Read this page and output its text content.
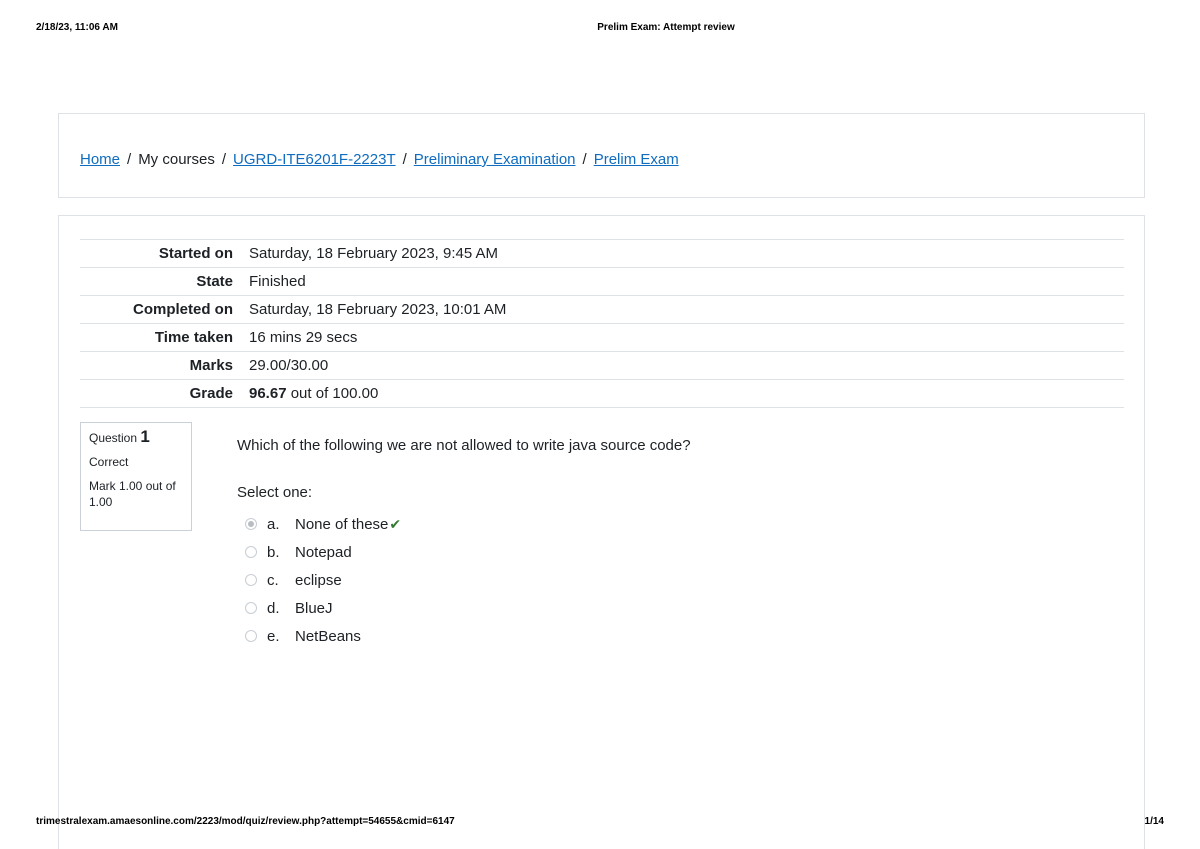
2/18/23, 11:06 AM	Prelim Exam: Attempt review
Home / My courses / UGRD-ITE6201F-2223T / Preliminary Examination / Prelim Exam
Started on	Saturday, 18 February 2023, 9:45 AM
State	Finished
Completed on	Saturday, 18 February 2023, 10:01 AM
Time taken	16 mins 29 secs
Marks	29.00/30.00
Grade	96.67 out of 100.00
Question 1
Correct
Mark 1.00 out of 1.00
Which of the following we are not allowed to write java source code?
Select one:
a.	None of these ✔
b.	Notepad
c.	eclipse
d.	BlueJ
e.	NetBeans
trimestralexam.amaesonline.com/2223/mod/quiz/review.php?attempt=54655&cmid=6147	1/14
